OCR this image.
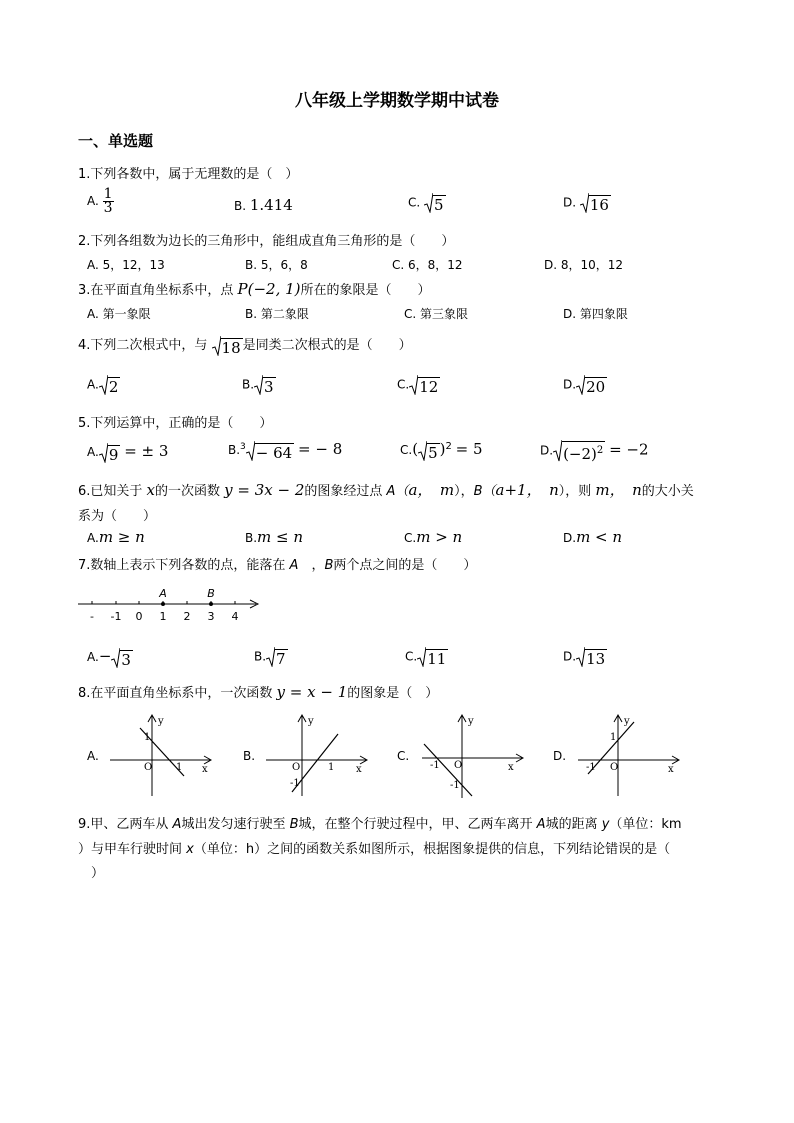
八年级上学期数学期中试卷
一、单选题
1.下列各数中，属于无理数的是（　）
A. $\frac{1}{3}$	B. 1.414	C. 5	D. 16
2.下列各组数为边长的三角形中，能组成直角三角形的是（　　）
A. 5，12，13	B. 5，6，8	C. 6，8，12	D. 8，10，12
3.在平面直角坐标系中，点 P(−2, 1)所在的象限是（　　）
A. 第一象限	B. 第二象限	C. 第三象限	D. 第四象限
4.下列二次根式中，与 18 是同类二次根式的是（　　）
A. 2	B. 3	C. 12	D. 20
5.下列运算中，正确的是（　　）
A. 9 = ± 3	B.$^3$ − 64 = − 8	C.( 5 )$^2$ = 5	D. $(-2)^2 = -2$
6.已知关于 x的一次函数 y = 3x − 2的图象经过点 A（a，　m），B（a+1，　n），则 m，　n的大小关
系为（　　）
A.m ≥ n	B.m ≤ n	C.m > n	D.m < n
7.数轴上表示下列各数的点，能落在 A　，B两个点之间的是（　　）
A	B
- -1 0 1 2 3 4
A.− 3	B. 7	C. 11	D. 13
8.在平面直角坐标系中，一次函数 y = x − 1的图象是（　）
A.	B.	C.	D.
y
x
O
1
1
y
x
O
-1
1
y
x
O
-1
-1
y
x
O
-1
1
9.甲、乙两车从 A城出发匀速行驶至 B城，在整个行驶过程中，甲、乙两车离开 A城的距离 y（单位：km
）与甲车行驶时间 x（单位：h）之间的函数关系如图所示，根据图象提供的信息，下列结论错误的是（
　）
